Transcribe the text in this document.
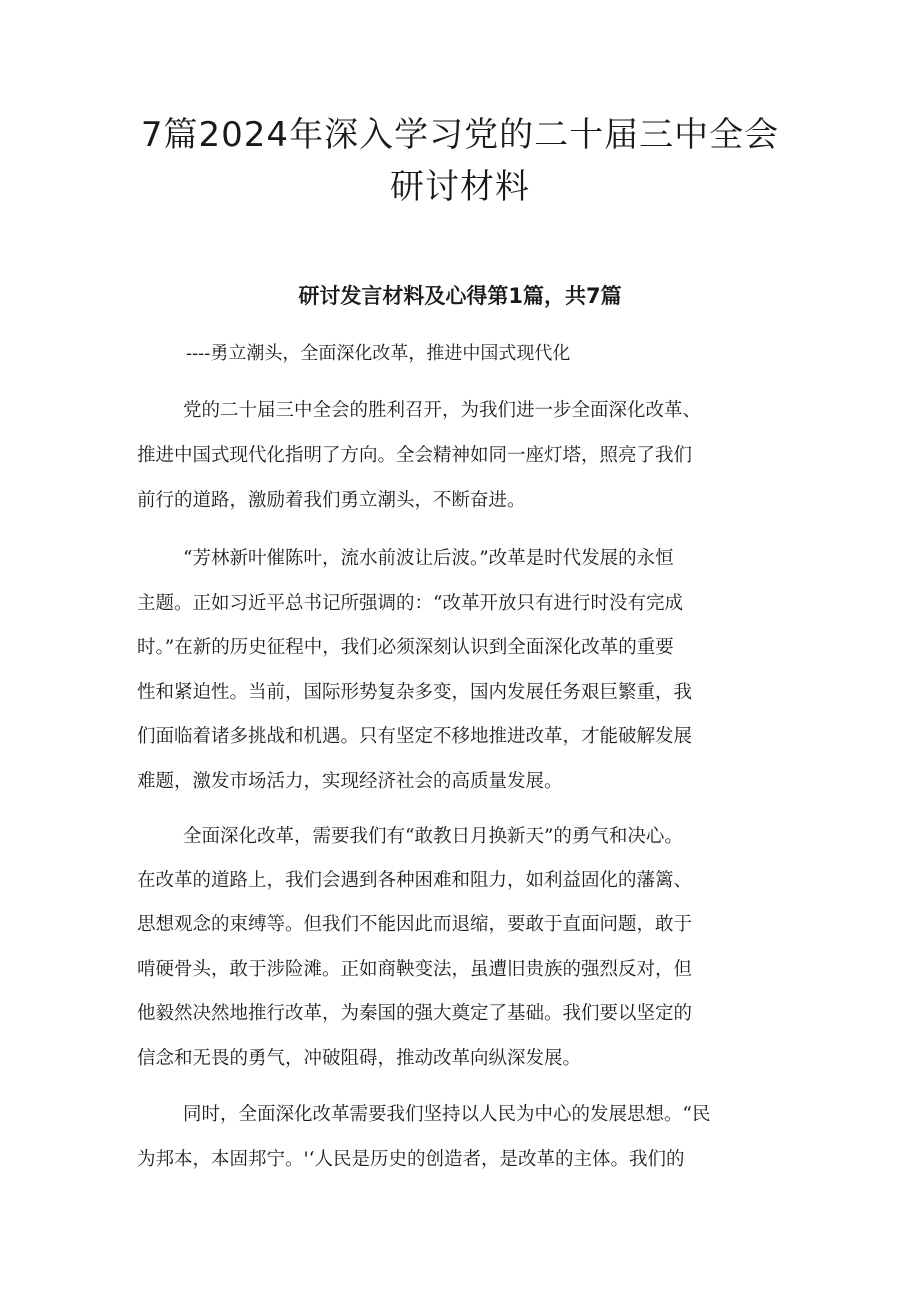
7篇2024年深入学习党的二十届三中全会
研讨材料
研讨发言材料及心得第1篇，共7篇
----勇立潮头，全面深化改革，推进中国式现代化
党的二十届三中全会的胜利召开，为我们进一步全面深化改革、
推进中国式现代化指明了方向。全会精神如同一座灯塔，照亮了我们
前行的道路，激励着我们勇立潮头，不断奋进。
“芳林新叶催陈叶，流水前波让后波。”改革是时代发展的永恒
主题。正如习近平总书记所强调的：“改革开放只有进行时没有完成
时。”在新的历史征程中，我们必须深刻认识到全面深化改革的重要
性和紧迫性。当前，国际形势复杂多变，国内发展任务艰巨繁重，我
们面临着诸多挑战和机遇。只有坚定不移地推进改革，才能破解发展
难题，激发市场活力，实现经济社会的高质量发展。
全面深化改革，需要我们有“敢教日月换新天”的勇气和决心。
在改革的道路上，我们会遇到各种困难和阻力，如利益固化的藩篱、
思想观念的束缚等。但我们不能因此而退缩，要敢于直面问题，敢于
啃硬骨头，敢于涉险滩。正如商鞅变法，虽遭旧贵族的强烈反对，但
他毅然决然地推行改革，为秦国的强大奠定了基础。我们要以坚定的
信念和无畏的勇气，冲破阻碍，推动改革向纵深发展。
同时，全面深化改革需要我们坚持以人民为中心的发展思想。“民
为邦本，本固邦宁。'‘人民是历史的创造者，是改革的主体。我们的
